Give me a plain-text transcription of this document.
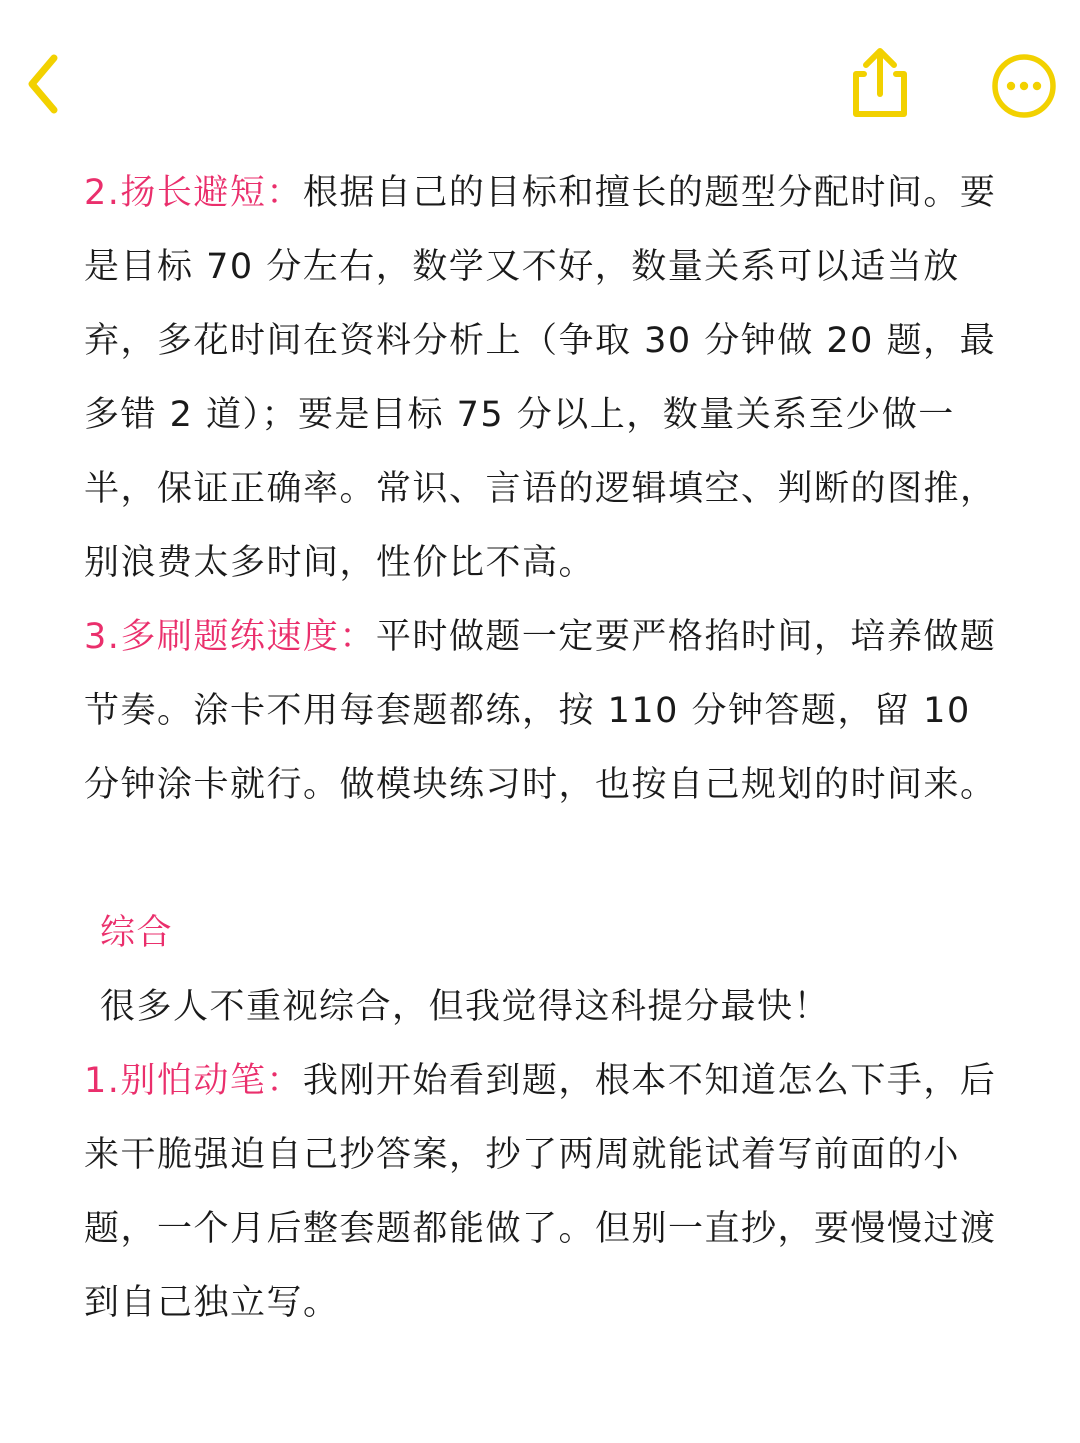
2.扬长避短：根据自己的目标和擅长的题型分配时间。要是目标 70 分左右，数学又不好，数量关系可以适当放弃，多花时间在资料分析上（争取 30 分钟做 20 题，最多错 2 道）；要是目标 75 分以上，数量关系至少做一半，保证正确率。常识、言语的逻辑填空、判断的图推，别浪费太多时间，性价比不高。

3.多刷题练速度：平时做题一定要严格掐时间，培养做题节奏。涂卡不用每套题都练，按 110 分钟答题，留 10 分钟涂卡就行。做模块练习时，也按自己规划的时间来。

综合

很多人不重视综合，但我觉得这科提分最快！

1.别怕动笔：我刚开始看到题，根本不知道怎么下手，后来干脆强迫自己抄答案，抄了两周就能试着写前面的小题，一个月后整套题都能做了。但别一直抄，要慢慢过渡到自己独立写。
